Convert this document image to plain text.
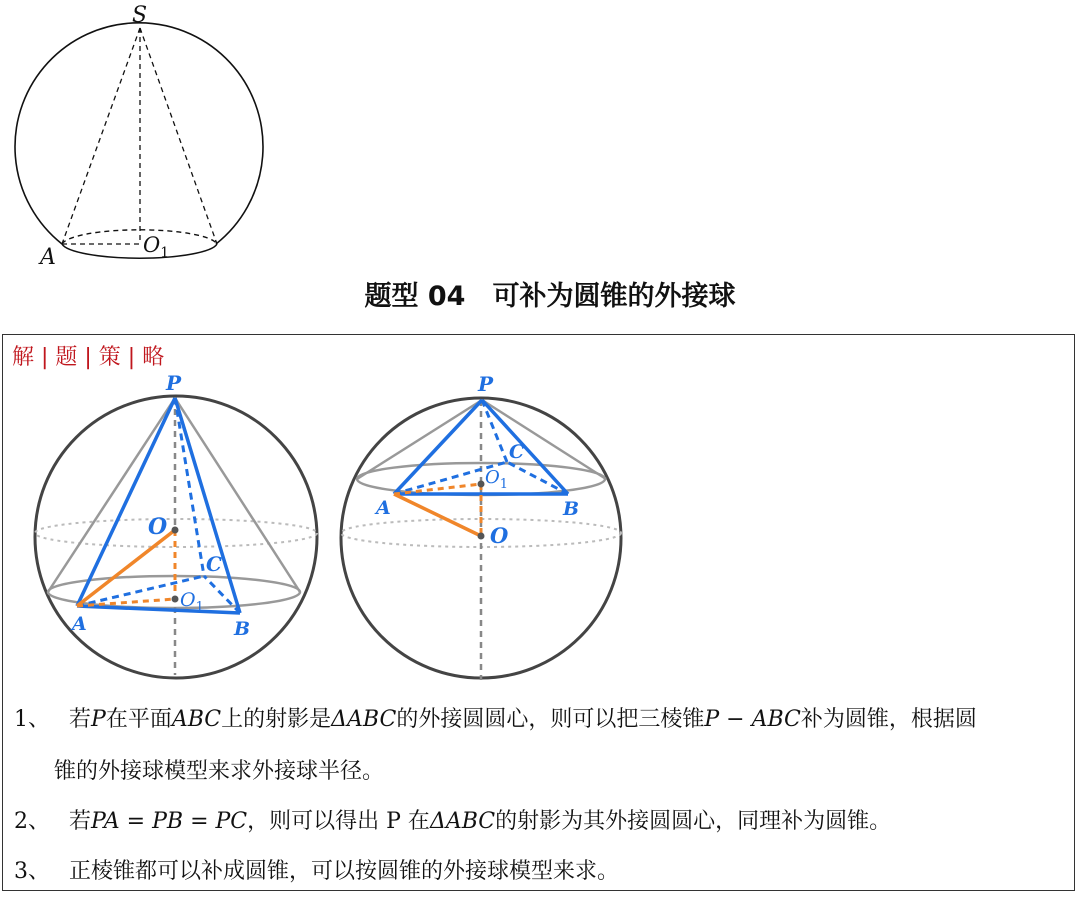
S
A	$O_1$
题型 04　可补为圆锥的外接球
解 | 题 | 策 | 略
P
O
C
$O_1$
A	B
P
C
$O_1$
A	B
O
1、 若P在平面ABC上的射影是ΔABC的外接圆圆心，则可以把三棱锥P − ABC补为圆锥，根据圆
锥的外接球模型来求外接球半径。
2、 若PA = PB = PC，则可以得出 P 在ΔABC的射影为其外接圆圆心，同理补为圆锥。
3、 正棱锥都可以补成圆锥，可以按圆锥的外接球模型来求。
